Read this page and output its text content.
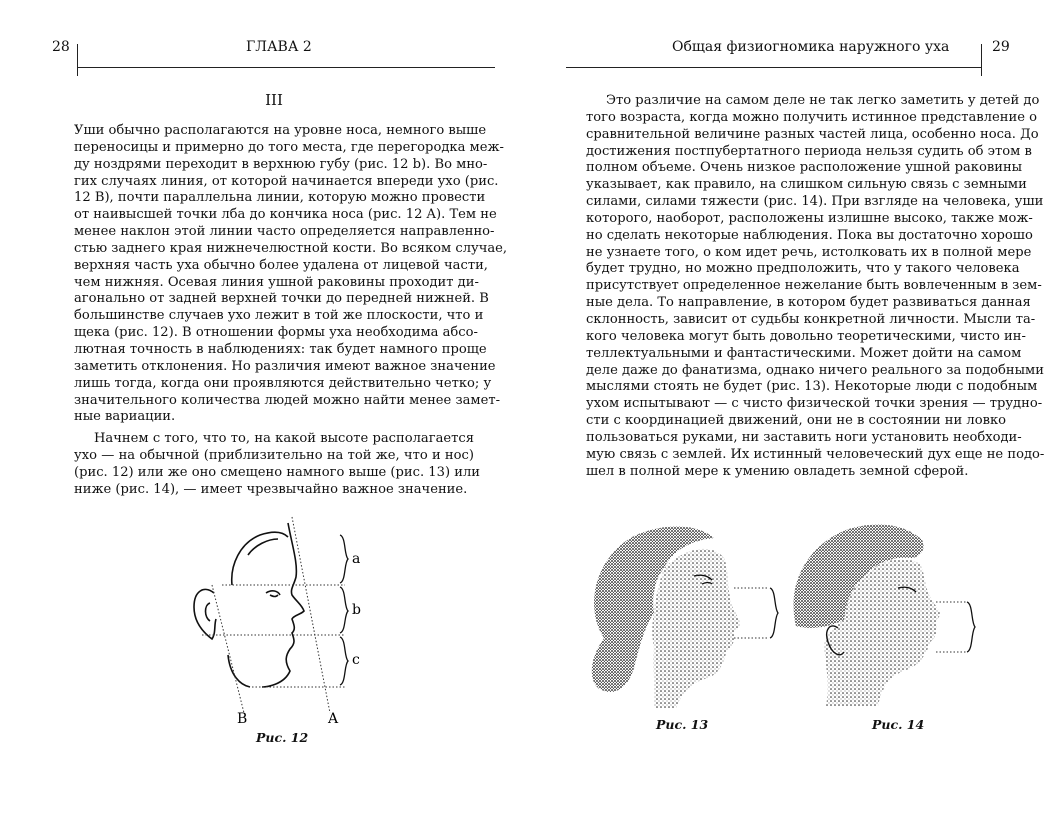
28	ГЛАВА 2
III
Уши обычно располагаются на уровне носа, немного выше
переносицы и примерно до того места, где перегородка меж-
ду ноздрями переходит в верхнюю губу (рис. 12 b). Во мно-
гих случаях линия, от которой начинается впереди ухо (рис.
12 B), почти параллельна линии, которую можно провести
от наивысшей точки лба до кончика носа (рис. 12 A). Тем не
менее наклон этой линии часто определяется направленно-
стью заднего края нижнечелюстной кости. Во всяком случае,
верхняя часть уха обычно более удалена от лицевой части,
чем нижняя. Осевая линия ушной раковины проходит ди-
агонально от задней верхней точки до передней нижней. В
большинстве случаев ухо лежит в той же плоскости, что и
щека (рис. 12). В отношении формы уха необходима абсо-
лютная точность в наблюдениях: так будет намного проще
заметить отклонения. Но различия имеют важное значение
лишь тогда, когда они проявляются действительно четко; у
значительного количества людей можно найти менее замет-
ные вариации.
Начнем с того, что то, на какой высоте располагается
ухо — на обычной (приблизительно на той же, что и нос)
(рис. 12) или же оно смещено намного выше (рис. 13) или
ниже (рис. 14), — имеет чрезвычайно важное значение.
a
b
c
B	A
Рис. 12
Общая физиогномика наружного уха	29
Это различие на самом деле не так легко заметить у детей до
того возраста, когда можно получить истинное представление о
сравнительной величине разных частей лица, особенно носа. До
достижения постпубертатного периода нельзя судить об этом в
полном объеме. Очень низкое расположение ушной раковины
указывает, как правило, на слишком сильную связь с земными
силами, силами тяжести (рис. 14). При взгляде на человека, уши
которого, наоборот, расположены излишне высоко, также мож-
но сделать некоторые наблюдения. Пока вы достаточно хорошо
не узнаете того, о ком идет речь, истолковать их в полной мере
будет трудно, но можно предположить, что у такого человека
присутствует определенное нежелание быть вовлеченным в зем-
ные дела. То направление, в котором будет развиваться данная
склонность, зависит от судьбы конкретной личности. Мысли та-
кого человека могут быть довольно теоретическими, чисто ин-
теллектуальными и фантастическими. Может дойти на самом
деле даже до фанатизма, однако ничего реального за подобными
мыслями стоять не будет (рис. 13). Некоторые люди с подобным
ухом испытывают — с чисто физической точки зрения — трудно-
сти с координацией движений, они не в состоянии ни ловко
пользоваться руками, ни заставить ноги установить необходи-
мую связь с землей. Их истинный человеческий дух еще не подо-
шел в полной мере к умению овладеть земной сферой.
Рис. 13	Рис. 14
